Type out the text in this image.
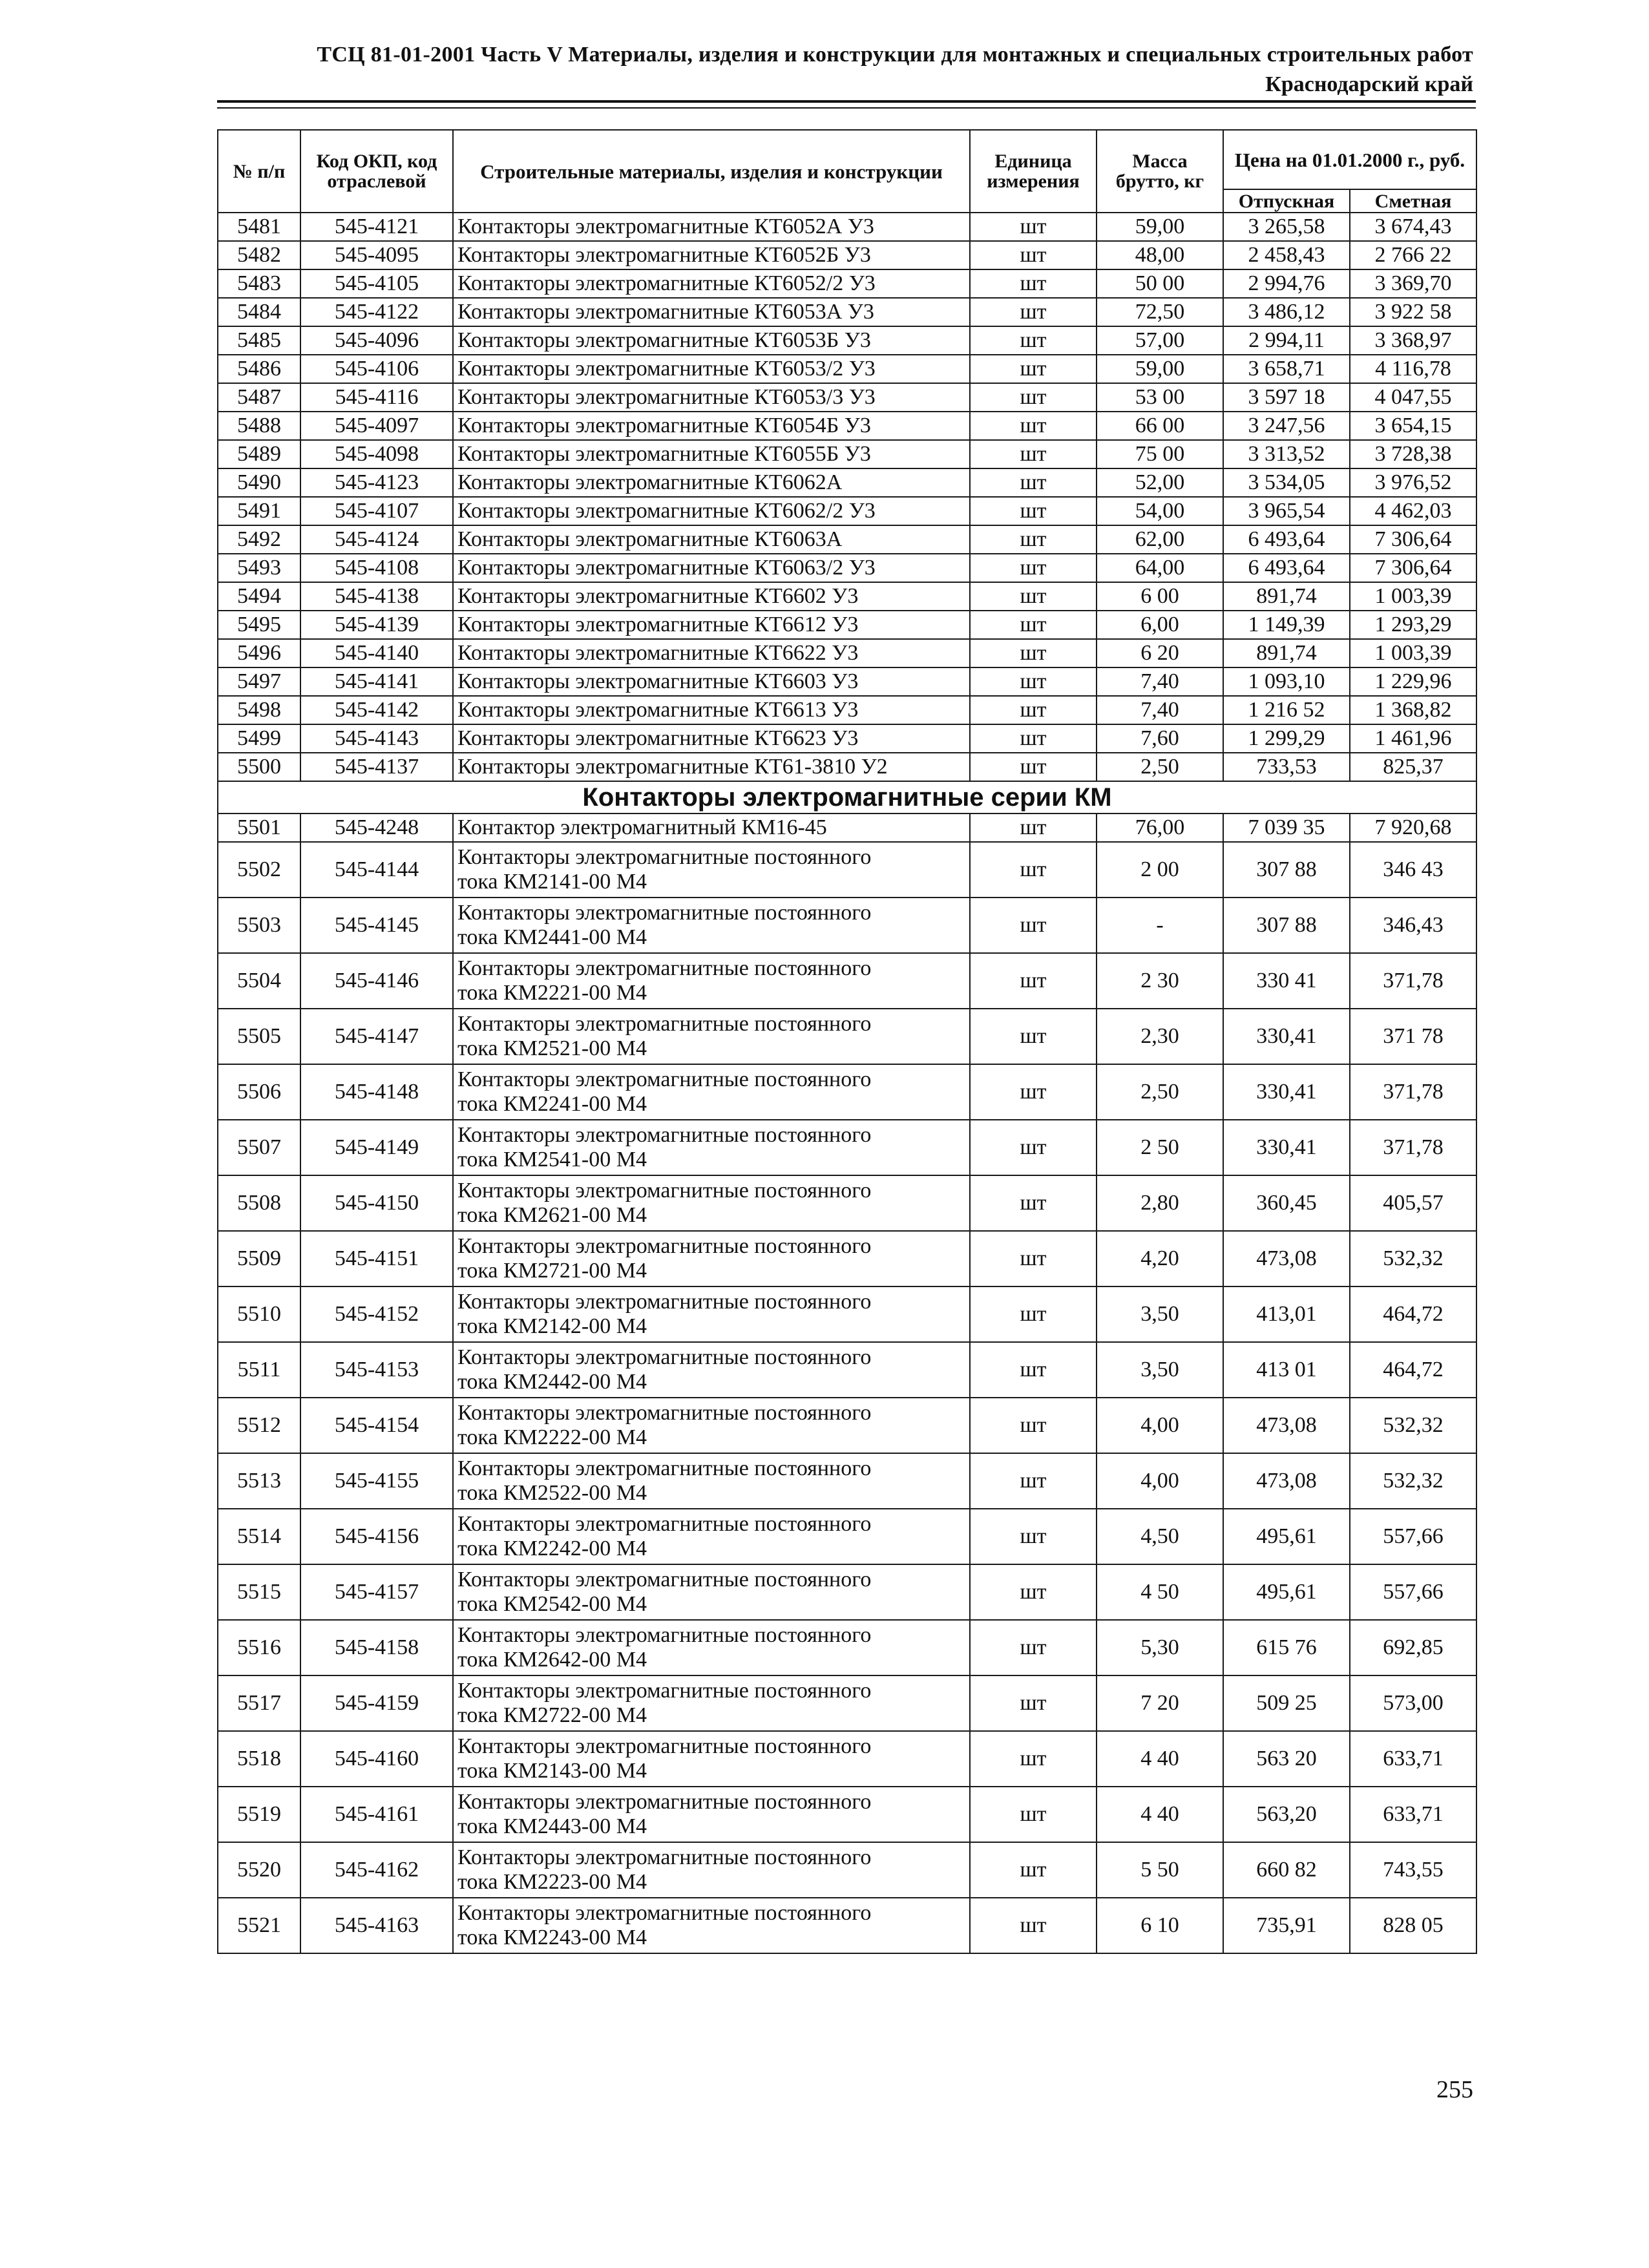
ТСЦ 81-01-2001 Часть V Материалы, изделия и конструкции для монтажных и специальных строительных работ
Краснодарский край
№ п/п	Код ОКП, код отраслевой	Строительные материалы, изделия и конструкции	Единица измерения	Масса брутто, кг	Цена на 01.01.2000 г., руб.	
					Отпускная	Сметная
5481	545-4121	Контакторы электромагнитные КТ6052А У3	шт	59,00	3 265,58	3 674,43
5482	545-4095	Контакторы электромагнитные КТ6052Б У3	шт	48,00	2 458,43	2 766 22
5483	545-4105	Контакторы электромагнитные КТ6052/2 У3	шт	50 00	2 994,76	3 369,70
5484	545-4122	Контакторы электромагнитные КТ6053А У3	шт	72,50	3 486,12	3 922 58
5485	545-4096	Контакторы электромагнитные КТ6053Б У3	шт	57,00	2 994,11	3 368,97
5486	545-4106	Контакторы электромагнитные КТ6053/2 У3	шт	59,00	3 658,71	4 116,78
5487	545-4116	Контакторы электромагнитные КТ6053/3 У3	шт	53 00	3 597 18	4 047,55
5488	545-4097	Контакторы электромагнитные КТ6054Б У3	шт	66 00	3 247,56	3 654,15
5489	545-4098	Контакторы электромагнитные КТ6055Б У3	шт	75 00	3 313,52	3 728,38
5490	545-4123	Контакторы электромагнитные КТ6062А	шт	52,00	3 534,05	3 976,52
5491	545-4107	Контакторы электромагнитные КТ6062/2 У3	шт	54,00	3 965,54	4 462,03
5492	545-4124	Контакторы электромагнитные КТ6063А	шт	62,00	6 493,64	7 306,64
5493	545-4108	Контакторы электромагнитные КТ6063/2 У3	шт	64,00	6 493,64	7 306,64
5494	545-4138	Контакторы электромагнитные КТ6602 У3	шт	6 00	891,74	1 003,39
5495	545-4139	Контакторы электромагнитные КТ6612 У3	шт	6,00	1 149,39	1 293,29
5496	545-4140	Контакторы электромагнитные КТ6622 У3	шт	6 20	891,74	1 003,39
5497	545-4141	Контакторы электромагнитные КТ6603 У3	шт	7,40	1 093,10	1 229,96
5498	545-4142	Контакторы электромагнитные КТ6613 У3	шт	7,40	1 216 52	1 368,82
5499	545-4143	Контакторы электромагнитные КТ6623 У3	шт	7,60	1 299,29	1 461,96
5500	545-4137	Контакторы электромагнитные КТ61-3810 У2	шт	2,50	733,53	825,37
Контакторы электромагнитные серии КМ						
5501	545-4248	Контактор электромагнитный КМ16-45	шт	76,00	7 039 35	7 920,68
5502	545-4144	Контакторы электромагнитные постоянного
тока КМ2141-00 М4	шт	2 00	307 88	346 43
5503	545-4145	Контакторы электромагнитные постоянного
тока КМ2441-00 М4	шт	-	307 88	346,43
5504	545-4146	Контакторы электромагнитные постоянного
тока КМ2221-00 М4	шт	2 30	330 41	371,78
5505	545-4147	Контакторы электромагнитные постоянного
тока КМ2521-00 М4	шт	2,30	330,41	371 78
5506	545-4148	Контакторы электромагнитные постоянного
тока КМ2241-00 М4	шт	2,50	330,41	371,78
5507	545-4149	Контакторы электромагнитные постоянного
тока КМ2541-00 М4	шт	2 50	330,41	371,78
5508	545-4150	Контакторы электромагнитные постоянного
тока КМ2621-00 М4	шт	2,80	360,45	405,57
5509	545-4151	Контакторы электромагнитные постоянного
тока КМ2721-00 М4	шт	4,20	473,08	532,32
5510	545-4152	Контакторы электромагнитные постоянного
тока КМ2142-00 М4	шт	3,50	413,01	464,72
5511	545-4153	Контакторы электромагнитные постоянного
тока КМ2442-00 М4	шт	3,50	413 01	464,72
5512	545-4154	Контакторы электромагнитные постоянного
тока КМ2222-00 М4	шт	4,00	473,08	532,32
5513	545-4155	Контакторы электромагнитные постоянного
тока КМ2522-00 М4	шт	4,00	473,08	532,32
5514	545-4156	Контакторы электромагнитные постоянного
тока КМ2242-00 М4	шт	4,50	495,61	557,66
5515	545-4157	Контакторы электромагнитные постоянного
тока КМ2542-00 М4	шт	4 50	495,61	557,66
5516	545-4158	Контакторы электромагнитные постоянного
тока КМ2642-00 М4	шт	5,30	615 76	692,85
5517	545-4159	Контакторы электромагнитные постоянного
тока КМ2722-00 М4	шт	7 20	509 25	573,00
5518	545-4160	Контакторы электромагнитные постоянного
тока КМ2143-00 М4	шт	4 40	563 20	633,71
5519	545-4161	Контакторы электромагнитные постоянного
тока КМ2443-00 М4	шт	4 40	563,20	633,71
5520	545-4162	Контакторы электромагнитные постоянного
тока КМ2223-00 М4	шт	5 50	660 82	743,55
5521	545-4163	Контакторы электромагнитные постоянного
тока КМ2243-00 М4	шт	6 10	735,91	828 05
255
